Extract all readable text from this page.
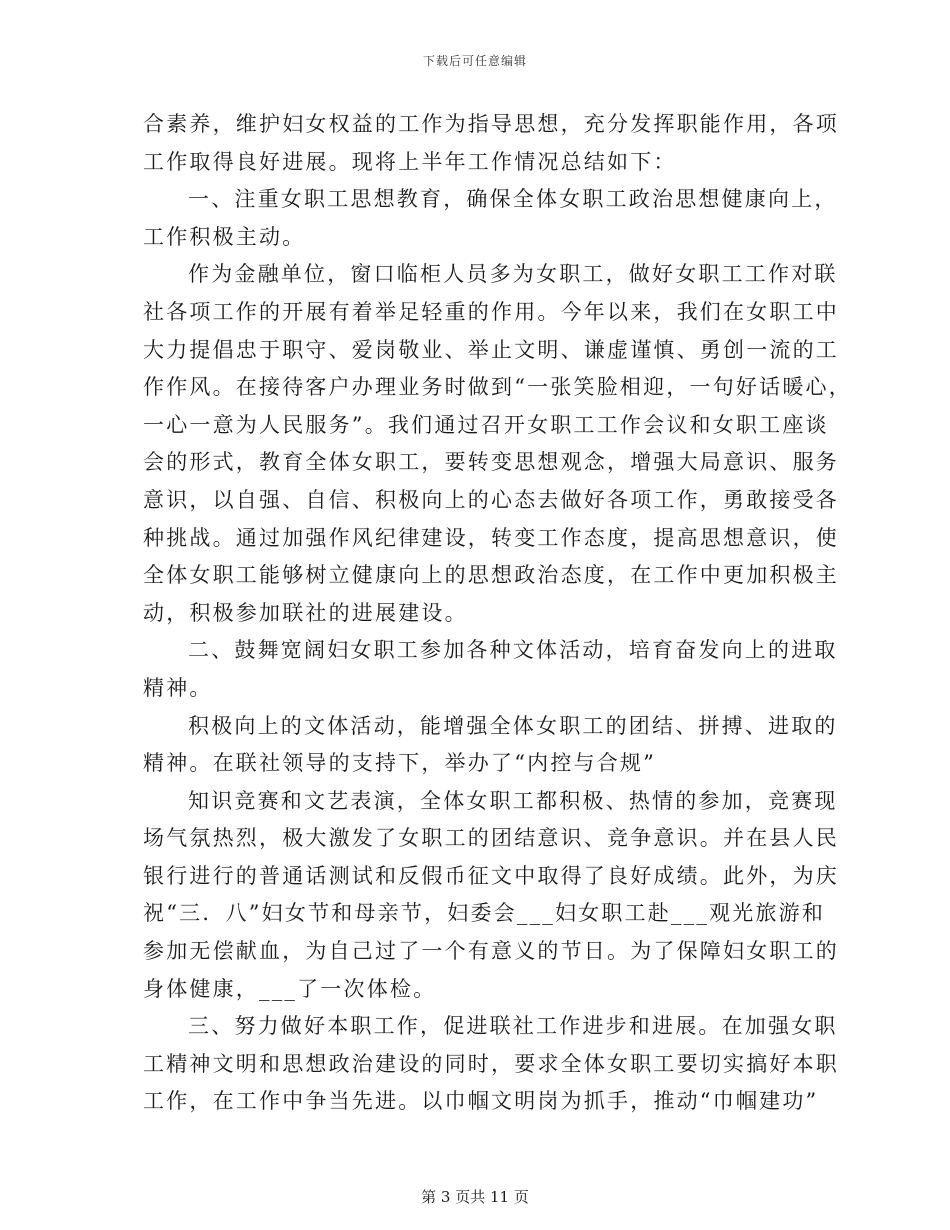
下载后可任意编辑
合素养，维护妇女权益的工作为指导思想，充分发挥职能作用，各项
工作取得良好进展。现将上半年工作情况总结如下：
一、注重女职工思想教育，确保全体女职工政治思想健康向上，
工作积极主动。
作为金融单位，窗口临柜人员多为女职工，做好女职工工作对联
社各项工作的开展有着举足轻重的作用。今年以来，我们在女职工中
大力提倡忠于职守、爱岗敬业、举止文明、谦虚谨慎、勇创一流的工
作作风。在接待客户办理业务时做到“一张笑脸相迎，一句好话暖心，
一心一意为人民服务”。我们通过召开女职工工作会议和女职工座谈
会的形式，教育全体女职工，要转变思想观念，增强大局意识、服务
意识，以自强、自信、积极向上的心态去做好各项工作，勇敢接受各
种挑战。通过加强作风纪律建设，转变工作态度，提高思想意识，使
全体女职工能够树立健康向上的思想政治态度，在工作中更加积极主
动，积极参加联社的进展建设。
二、鼓舞宽阔妇女职工参加各种文体活动，培育奋发向上的进取
精神。
积极向上的文体活动，能增强全体女职工的团结、拼搏、进取的
精神。在联社领导的支持下，举办了“内控与合规”
知识竞赛和文艺表演，全体女职工都积极、热情的参加，竞赛现
场气氛热烈，极大激发了女职工的团结意识、竞争意识。并在县人民
银行进行的普通话测试和反假币征文中取得了良好成绩。此外，为庆
祝“三．八”妇女节和母亲节，妇委会___妇女职工赴___观光旅游和
参加无偿献血，为自己过了一个有意义的节日。为了保障妇女职工的
身体健康，___了一次体检。
三、努力做好本职工作，促进联社工作进步和进展。在加强女职
工精神文明和思想政治建设的同时，要求全体女职工要切实搞好本职
工作，在工作中争当先进。以巾帼文明岗为抓手，推动“巾帼建功”
第 3 页共 11 页
